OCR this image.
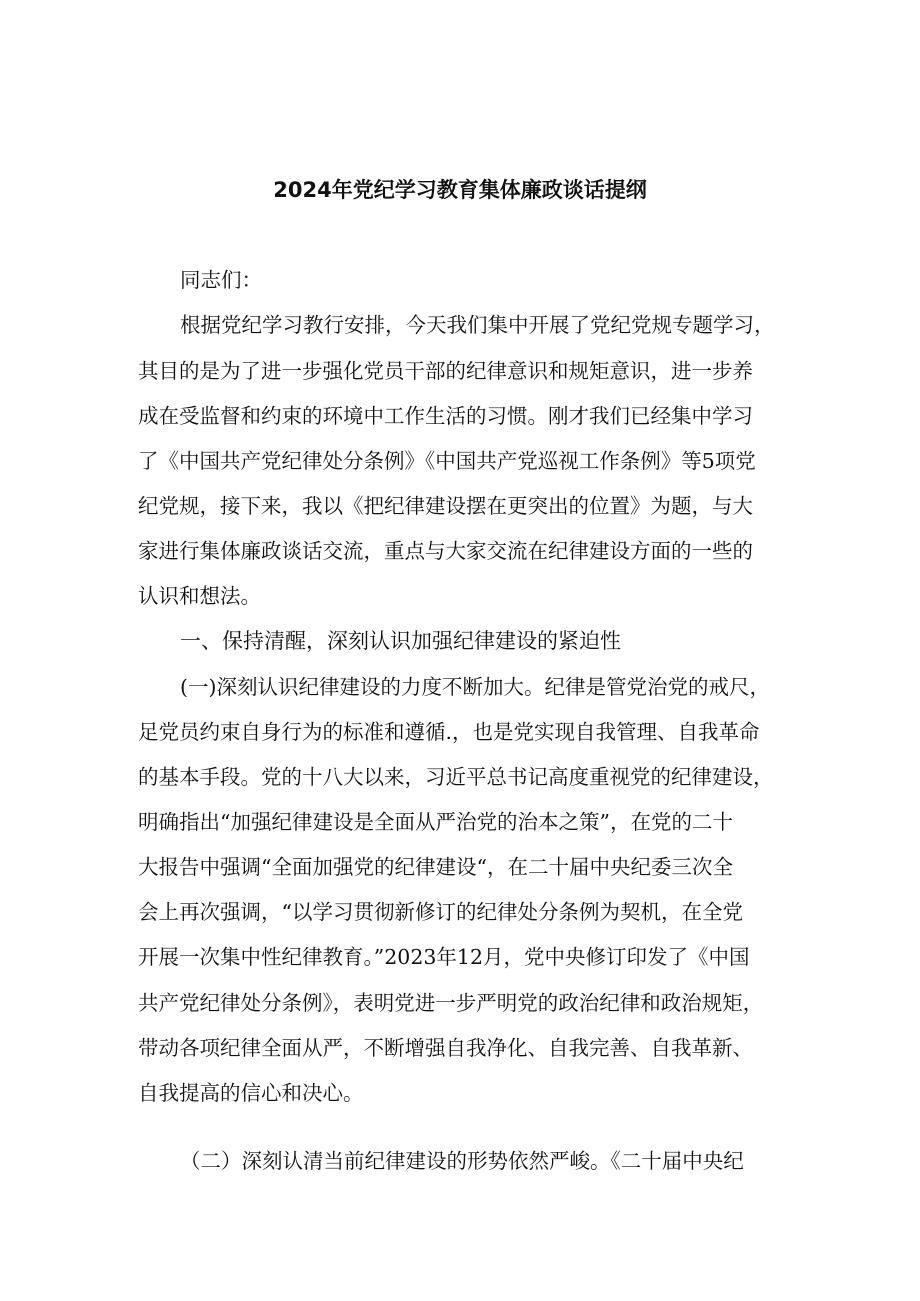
2024年党纪学习教育集体廉政谈话提纲
同志们：
根据党纪学习教行安排，今天我们集中开展了党纪党规专题学习，
其目的是为了进一步强化党员干部的纪律意识和规矩意识，进一步养
成在受监督和约束的环境中工作生活的习惯。刚才我们已经集中学习
了《中国共产党纪律处分条例》《中国共产党巡视工作条例》等5项党
纪党规，接下来，我以《把纪律建设摆在更突出的位置》为题，与大
家进行集体廉政谈话交流，重点与大家交流在纪律建设方面的一些的
认识和想法。
一、保持清醒，深刻认识加强纪律建设的紧迫性
(一)深刻认识纪律建设的力度不断加大。纪律是管党治党的戒尺，
足党员约束自身行为的标准和遵循.，也是党实现自我管理、自我革命
的基本手段。党的十八大以来，习近平总书记高度重视党的纪律建设，
明确指出“加强纪律建设是全面从严治党的治本之策”，在党的二十
大报告中强调“全面加强党的纪律建设“，在二十届中央纪委三次全
会上再次强调，“以学习贯彻新修订的纪律处分条例为契机，在全党
开展一次集中性纪律教育。”2023年12月，党中央修订印发了《中国
共产党纪律处分条例》，表明党进一步严明党的政治纪律和政治规矩，
带动各项纪律全面从严，不断增强自我净化、自我完善、自我革新、
自我提高的信心和决心。
（二）深刻认清当前纪律建设的形势依然严峻。《二十届中央纪
